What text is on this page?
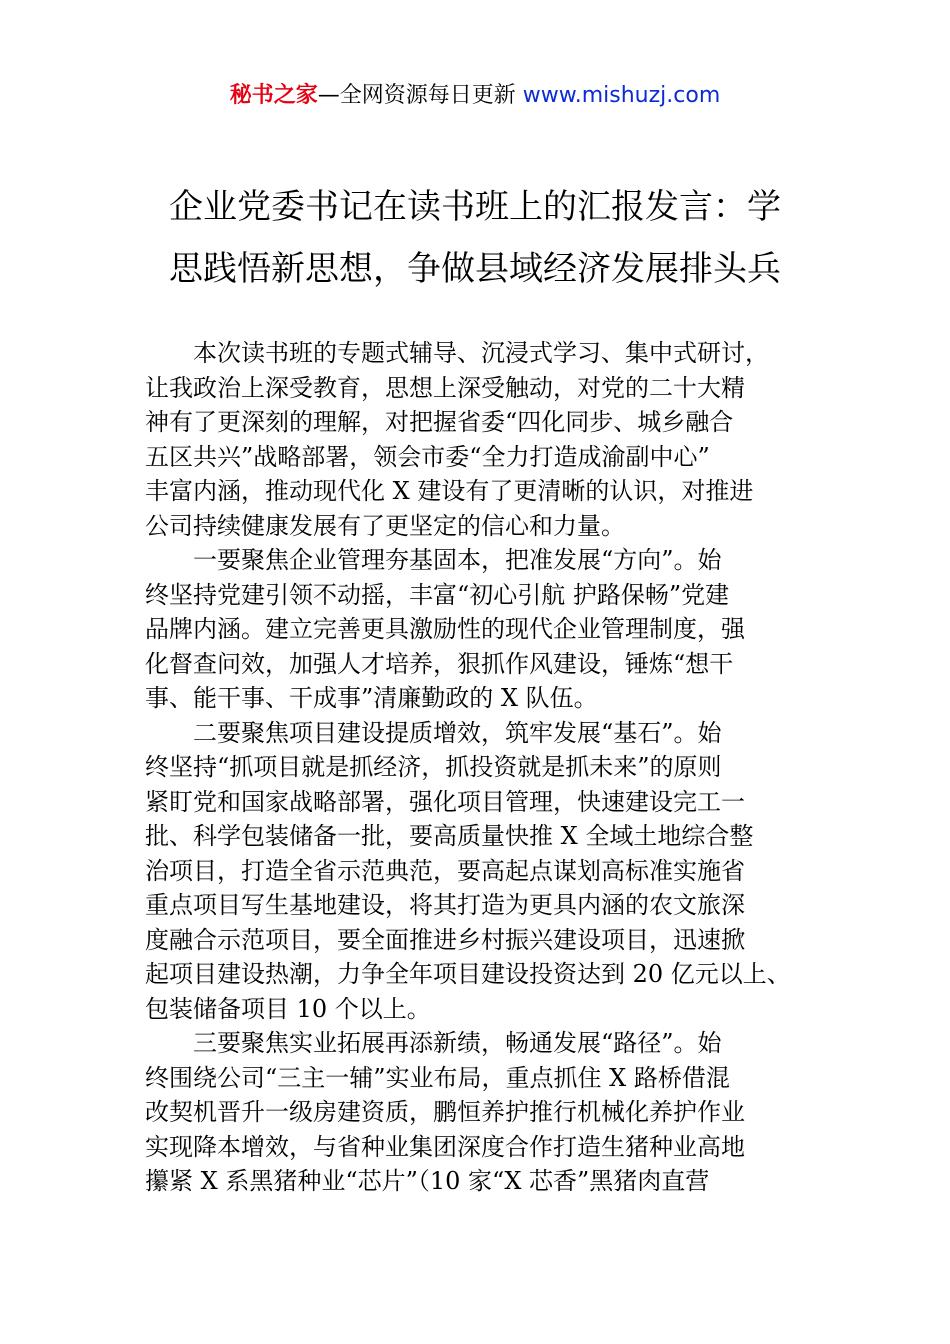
秘书之家—全网资源每日更新 www.mishuzj.com
企业党委书记在读书班上的汇报发言：学
思践悟新思想，争做县域经济发展排头兵
本次读书班的专题式辅导、沉浸式学习、集中式研讨，
让我政治上深受教育，思想上深受触动，对党的二十大精
神有了更深刻的理解，对把握省委“四化同步、城乡融合
五区共兴”战略部署，领会市委“全力打造成渝副中心”
丰富内涵，推动现代化 X 建设有了更清晰的认识，对推进
公司持续健康发展有了更坚定的信心和力量。
一要聚焦企业管理夯基固本，把准发展“方向”。始
终坚持党建引领不动摇，丰富“初心引航 护路保畅”党建
品牌内涵。建立完善更具激励性的现代企业管理制度，强
化督查问效，加强人才培养，狠抓作风建设，锤炼“想干
事、能干事、干成事”清廉勤政的 X 队伍。
二要聚焦项目建设提质增效，筑牢发展“基石”。始
终坚持“抓项目就是抓经济，抓投资就是抓未来”的原则
紧盯党和国家战略部署，强化项目管理，快速建设完工一
批、科学包装储备一批，要高质量快推 X 全域土地综合整
治项目，打造全省示范典范，要高起点谋划高标准实施省
重点项目写生基地建设，将其打造为更具内涵的农文旅深
度融合示范项目，要全面推进乡村振兴建设项目，迅速掀
起项目建设热潮，力争全年项目建设投资达到 20 亿元以上、
包装储备项目 10 个以上。
三要聚焦实业拓展再添新绩，畅通发展“路径”。始
终围绕公司“三主一辅”实业布局，重点抓住 X 路桥借混
改契机晋升一级房建资质，鹏恒养护推行机械化养护作业
实现降本增效，与省种业集团深度合作打造生猪种业高地
攥紧 X 系黑猪种业“芯片”（10 家“X 芯香”黑猪肉直营
